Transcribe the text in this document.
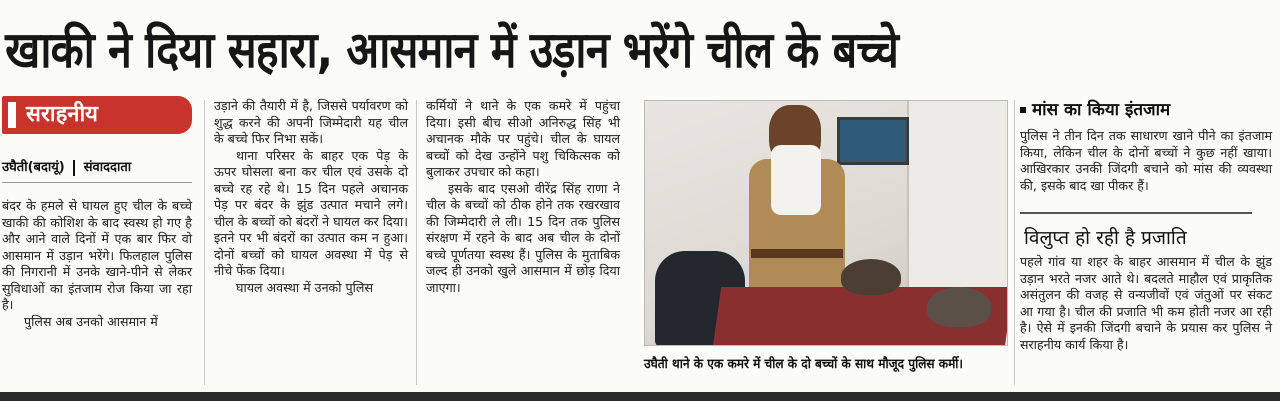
खाकी ने दिया सहारा, आसमान में उड़ान भरेंगे चील के बच्चे
सराहनीय
उघैती(बदायूं) संवाददाता

बंदर के हमले से घायल हुए चील के बच्चे खाकी की कोशिश के बाद स्वस्थ हो गए है और आने वाले दिनों में एक बार फिर वो आसमान में उड़ान भरेंगे। फिलहाल पुलिस की निगरानी में उनके खाने-पीने से लेकर सुविधाओं का इंतजाम रोज किया जा रहा है।

पुलिस अब उनको आसमान में

उड़ाने की तैयारी में है, जिससे पर्यावरण को शुद्ध करने की अपनी जिम्मेदारी यह चील के बच्चे फिर निभा सकें।

थाना परिसर के बाहर एक पेड़ के ऊपर घोसला बना कर चील एवं उसके दो बच्चे रह रहे थे। 15 दिन पहले अचानक पेड़ पर बंदर के झुंड उत्पात मचाने लगे। चील के बच्चों को बंदरों ने घायल कर दिया। इतने पर भी बंदरों का उत्पात कम न हुआ। दोनों बच्चों को घायल अवस्था में पेड़ से नीचे फेंक दिया।

घायल अवस्था में उनको पुलिस

कर्मियों ने थाने के एक कमरे में पहुंचा दिया। इसी बीच सीओ अनिरुद्ध सिंह भी अचानक मौके पर पहुंचे। चील के घायल बच्चों को देख उन्होंने पशु चिकित्सक को बुलाकर उपचार को कहा।

इसके बाद एसओ वीरेंद्र सिंह राणा ने चील के बच्चों को ठीक होने तक रखरखाव की जिम्मेदारी ले ली। 15 दिन तक पुलिस संरक्षण में रहने के बाद अब चील के दोनों बच्चे पूर्णतया स्वस्थ हैं। पुलिस के मुताबिक जल्द ही उनको खुले आसमान में छोड़ दिया जाएगा।

उघैती थाने के एक कमरे में चील के दो बच्चों के साथ मौजूद पुलिस कर्मी।
मांस का किया इंतजाम
पुलिस ने तीन दिन तक साधारण खाने पीने का इंतजाम किया, लेकिन चील के दोनों बच्चों ने कुछ नहीं खाया। आखिरकार उनकी जिंदगी बचाने को मांस की व्यवस्था की, इसके बाद खा पीकर हैं।
विलुप्त हो रही है प्रजाति
पहले गांव या शहर के बाहर आसमान में चील के झुंड उड़ान भरते नजर आते थे। बदलते माहौल एवं प्राकृतिक असंतुलन की वजह से वन्यजीवों एवं जंतुओं पर संकट आ गया है। चील की प्रजाति भी कम होती नजर आ रही है। ऐसे में इनकी जिंदगी बचाने के प्रयास कर पुलिस ने सराहनीय कार्य किया है।
